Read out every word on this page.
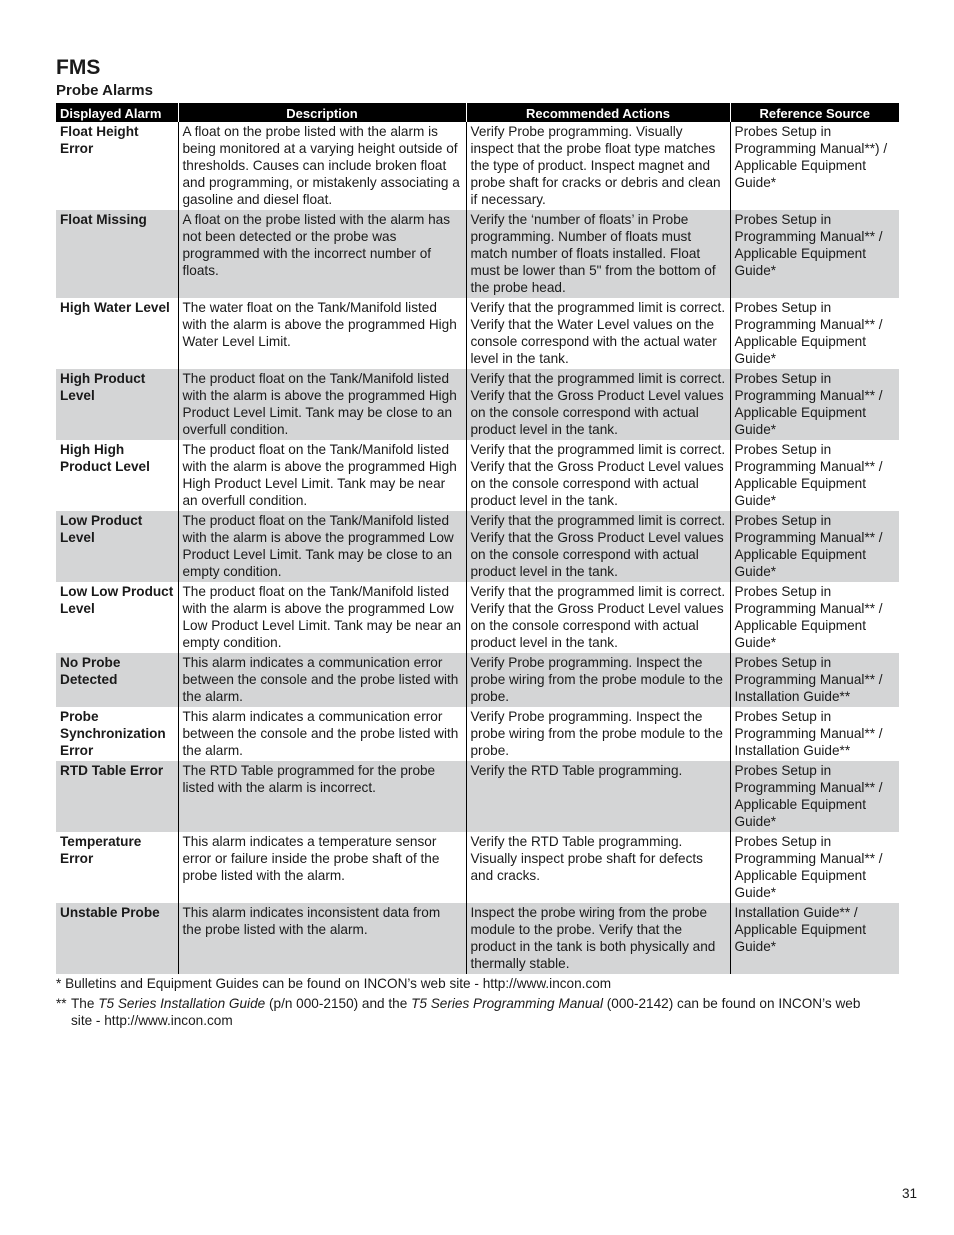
FMS
Probe Alarms
Displayed Alarm	Description	Recommended Actions	Reference Source
Float Height Error	A float on the probe listed with the alarm is being monitored at a varying height outside of thresholds. Causes can include broken float and programming, or mistakenly associating a gasoline and diesel float.	Verify Probe programming. Visually inspect that the probe float type matches the type of product. Inspect magnet and probe shaft for cracks or debris and clean if necessary.	Probes Setup in Programming Manual**) / Applicable Equipment Guide*
Float Missing	A float on the probe listed with the alarm has not been detected or the probe was programmed with the incorrect number of floats.	Verify the ‘number of floats’ in Probe programming. Number of floats must match number of floats installed. Float must be lower than 5" from the bottom of the probe head.	Probes Setup in Programming Manual** / Applicable Equipment Guide*
High Water Level	The water float on the Tank/Manifold listed with the alarm is above the programmed High Water Level Limit.	Verify that the programmed limit is correct. Verify that the Water Level values on the console correspond with the actual water level in the tank.	Probes Setup in Programming Manual** / Applicable Equipment Guide*
High Product Level	The product float on the Tank/Manifold listed with the alarm is above the programmed High Product Level Limit. Tank may be close to an overfull condition.	Verify that the programmed limit is correct. Verify that the Gross Product Level values on the console correspond with actual product level in the tank.	Probes Setup in Programming Manual** / Applicable Equipment Guide*
High High Product Level	The product float on the Tank/Manifold listed with the alarm is above the programmed High High Product Level Limit. Tank may be near an overfull condition.	Verify that the programmed limit is correct. Verify that the Gross Product Level values on the console correspond with actual product level in the tank.	Probes Setup in Programming Manual** / Applicable Equipment Guide*
Low Product Level	The product float on the Tank/Manifold listed with the alarm is above the programmed Low Product Level Limit. Tank may be close to an empty condition.	Verify that the programmed limit is correct. Verify that the Gross Product Level values on the console correspond with actual product level in the tank.	Probes Setup in Programming Manual** / Applicable Equipment Guide*
Low Low Product Level	The product float on the Tank/Manifold listed with the alarm is above the programmed Low Low Product Level Limit. Tank may be near an empty condition.	Verify that the programmed limit is correct. Verify that the Gross Product Level values on the console correspond with actual product level in the tank.	Probes Setup in Programming Manual** / Applicable Equipment Guide*
No Probe Detected	This alarm indicates a communication error between the console and the probe listed with the alarm.	Verify Probe programming. Inspect the probe wiring from the probe module to the probe.	Probes Setup in Programming Manual** / Installation Guide**
Probe Synchronization Error	This alarm indicates a communication error between the console and the probe listed with the alarm.	Verify Probe programming. Inspect the probe wiring from the probe module to the probe.	Probes Setup in Programming Manual** / Installation Guide**
RTD Table Error	The RTD Table programmed for the probe listed with the alarm is incorrect.	Verify the RTD Table programming.	Probes Setup in Programming Manual** / Applicable Equipment Guide*
Temperature Error	This alarm indicates a temperature sensor error or failure inside the probe shaft of the probe listed with the alarm.	Verify the RTD Table programming. Visually inspect probe shaft for defects and cracks.	Probes Setup in Programming Manual** / Applicable Equipment Guide*
Unstable Probe	This alarm indicates inconsistent data from the probe listed with the alarm.	Inspect the probe wiring from the probe module to the probe. Verify that the product in the tank is both physically and thermally stable.	Installation Guide** / Applicable Equipment Guide*
* Bulletins and Equipment Guides can be found on INCON’s web site - http://www.incon.com
** The T5 Series Installation Guide (p/n 000-2150) and the T5 Series Programming Manual (000-2142) can be found on INCON’s web site - http://www.incon.com
31
